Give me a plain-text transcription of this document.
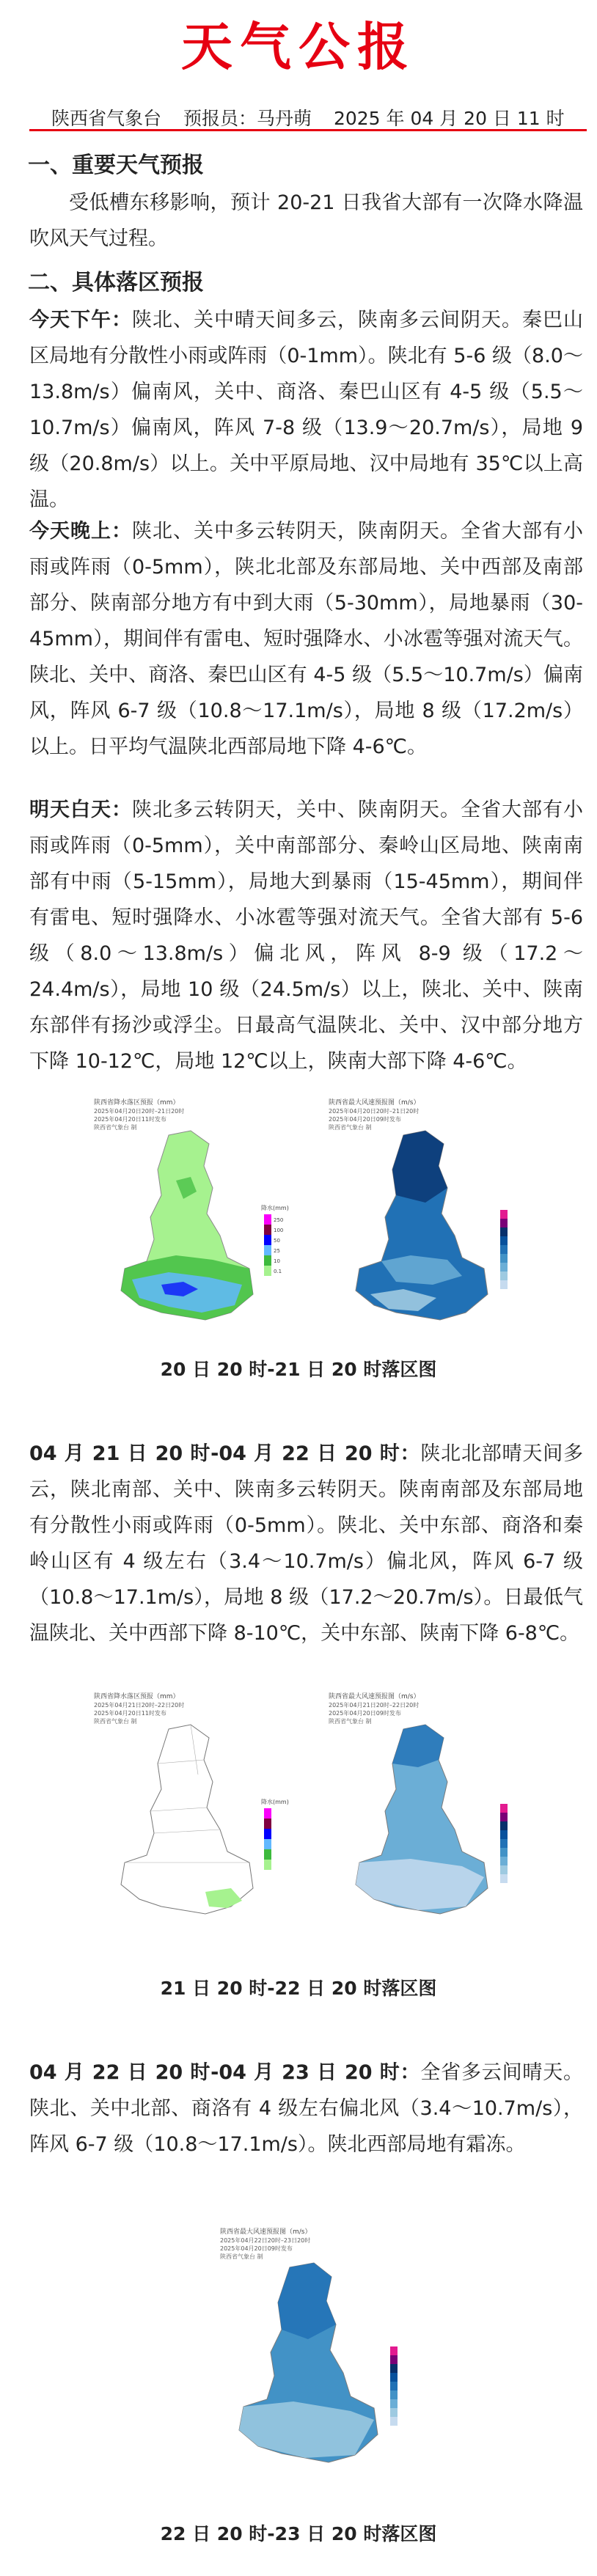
天气公报
陕西省气象台 预报员：马丹萌 2025 年 04 月 20 日 11 时
一、重要天气预报
受低槽东移影响，预计 20-21 日我省大部有一次降水降温吹风天气过程。
二、具体落区预报
今天下午：陕北、关中晴天间多云，陕南多云间阴天。秦巴山区局地有分散性小雨或阵雨（0-1mm）。陕北有 5-6 级（8.0～13.8m/s）偏南风，关中、商洛、秦巴山区有 4-5 级（5.5～10.7m/s）偏南风，阵风 7-8 级（13.9～20.7m/s），局地 9 级（20.8m/s）以上。关中平原局地、汉中局地有 35℃以上高温。
今天晚上：陕北、关中多云转阴天，陕南阴天。全省大部有小雨或阵雨（0-5mm），陕北北部及东部局地、关中西部及南部部分、陕南部分地方有中到大雨（5-30mm），局地暴雨（30-45mm），期间伴有雷电、短时强降水、小冰雹等强对流天气。陕北、关中、商洛、秦巴山区有 4-5 级（5.5～10.7m/s）偏南风，阵风 6-7 级（10.8～17.1m/s），局地 8 级（17.2m/s）以上。日平均气温陕北西部局地下降 4-6℃。
明天白天：陕北多云转阴天，关中、陕南阴天。全省大部有小雨或阵雨（0-5mm），关中南部部分、秦岭山区局地、陕南南部有中雨（5-15mm），局地大到暴雨（15-45mm），期间伴有雷电、短时强降水、小冰雹等强对流天气。全省大部有 5-6 级（8.0～13.8m/s）偏北风，阵风 8-9 级（17.2～24.4m/s），局地 10 级（24.5m/s）以上，陕北、关中、陕南东部伴有扬沙或浮尘。日最高气温陕北、关中、汉中部分地方下降 10-12℃，局地 12℃以上，陕南大部下降 4-6℃。
陕西省降水落区预报（mm）
2025年04月20日20时–21日20时
2025年04月20日11时发布
陕西省气象台 制
降水(mm)
250
100
50
25
10
0.1
陕西省最大风速预报图（m/s）
2025年04月20日20时–21日20时
2025年04月20日09时发布
陕西省气象台 制
20 日 20 时-21 日 20 时落区图
04 月 21 日 20 时-04 月 22 日 20 时：陕北北部晴天间多云，陕北南部、关中、陕南多云转阴天。陕南南部及东部局地有分散性小雨或阵雨（0-5mm）。陕北、关中东部、商洛和秦岭山区有 4 级左右（3.4～10.7m/s）偏北风，阵风 6-7 级（10.8～17.1m/s），局地 8 级（17.2～20.7m/s）。日最低气温陕北、关中西部下降 8-10℃，关中东部、陕南下降 6-8℃。
陕西省降水落区预报（mm）
2025年04月21日20时–22日20时
2025年04月20日11时发布
陕西省气象台 制
降水(mm)
陕西省最大风速预报图（m/s）
2025年04月21日20时–22日20时
2025年04月20日09时发布
陕西省气象台 制
21 日 20 时-22 日 20 时落区图
04 月 22 日 20 时-04 月 23 日 20 时：全省多云间晴天。陕北、关中北部、商洛有 4 级左右偏北风（3.4～10.7m/s），阵风 6-7 级（10.8～17.1m/s）。陕北西部局地有霜冻。
陕西省最大风速预报图（m/s）
2025年04月22日20时–23日20时
2025年04月20日09时发布
陕西省气象台 制
22 日 20 时-23 日 20 时落区图
